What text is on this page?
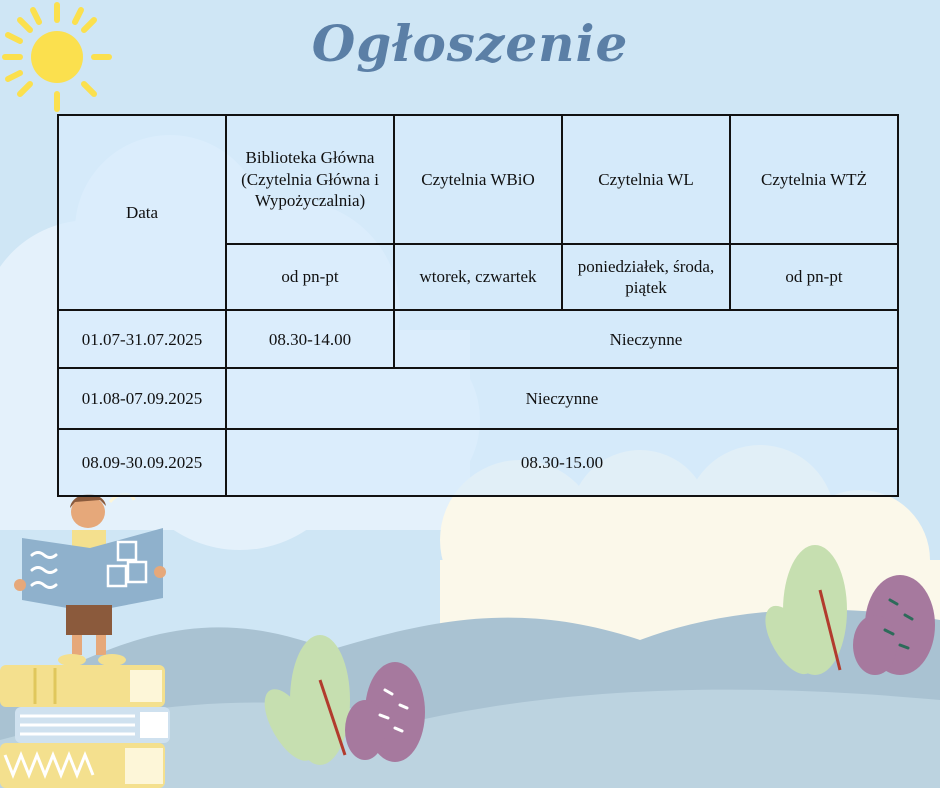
Ogłoszenie
Data	Biblioteka Główna (Czytelnia Główna i Wypożyczalnia)	Czytelnia WBiO	Czytelnia WL	Czytelnia WTŻ
	od pn-pt	wtorek, czwartek	poniedziałek, środa, piątek	od pn-pt
01.07-31.07.2025	08.30-14.00	Nieczynne		
01.08-07.09.2025	Nieczynne			
08.09-30.09.2025	08.30-15.00			
